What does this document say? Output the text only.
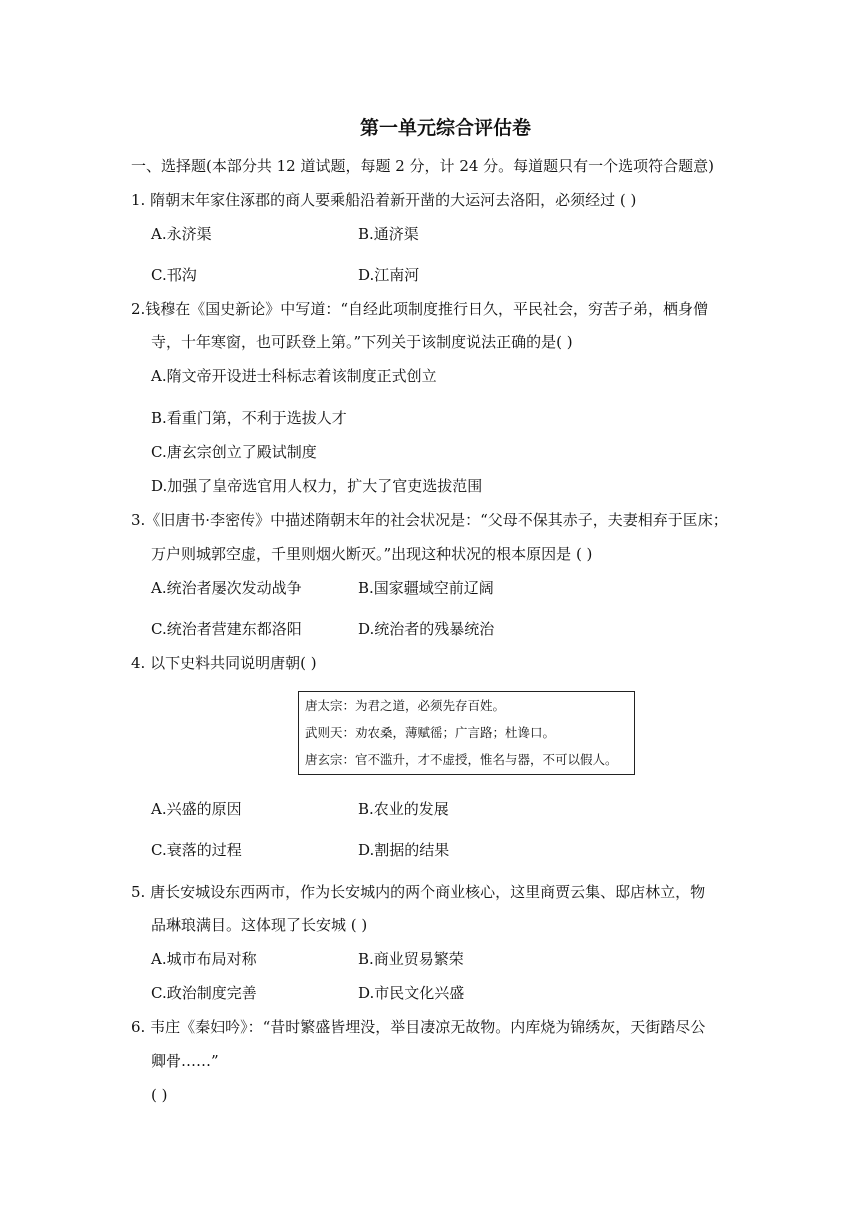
第一单元综合评估卷
一、选择题(本部分共 12 道试题，每题 2 分，计 24 分。每道题只有一个选项符合题意)
1. 隋朝末年家住涿郡的商人要乘船沿着新开凿的大运河去洛阳，必须经过 ( )
A.永济渠	B.通济渠
C.邗沟	D.江南河
2.钱穆在《国史新论》中写道：“自经此项制度推行日久，平民社会，穷苦子弟，栖身僧
寺，十年寒窗，也可跃登上第。”下列关于该制度说法正确的是( )
A.隋文帝开设进士科标志着该制度正式创立
B.看重门第，不利于选拔人才
C.唐玄宗创立了殿试制度
D.加强了皇帝选官用人权力，扩大了官吏选拔范围
3.《旧唐书·李密传》中描述隋朝末年的社会状况是：“父母不保其赤子，夫妻相弃于匡床；
万户则城郭空虚，千里则烟火断灭。”出现这种状况的根本原因是 ( )
A.统治者屡次发动战争	B.国家疆域空前辽阔
C.统治者营建东都洛阳	D.统治者的残暴统治
4. 以下史料共同说明唐朝( )
唐太宗：为君之道，必须先存百姓。
武则天：劝农桑，薄赋徭；广言路；杜谗口。
唐玄宗：官不滥升，才不虚授，惟名与器，不可以假人。
A.兴盛的原因	B.农业的发展
C.衰落的过程	D.割据的结果
5. 唐长安城设东西两市，作为长安城内的两个商业核心，这里商贾云集、邸店林立，物
品琳琅满目。这体现了长安城 ( )
A.城市布局对称	B.商业贸易繁荣
C.政治制度完善	D.市民文化兴盛
6. 韦庄《秦妇吟》：“昔时繁盛皆埋没，举目凄凉无故物。内库烧为锦绣灰，天街踏尽公
卿骨……”
( )
